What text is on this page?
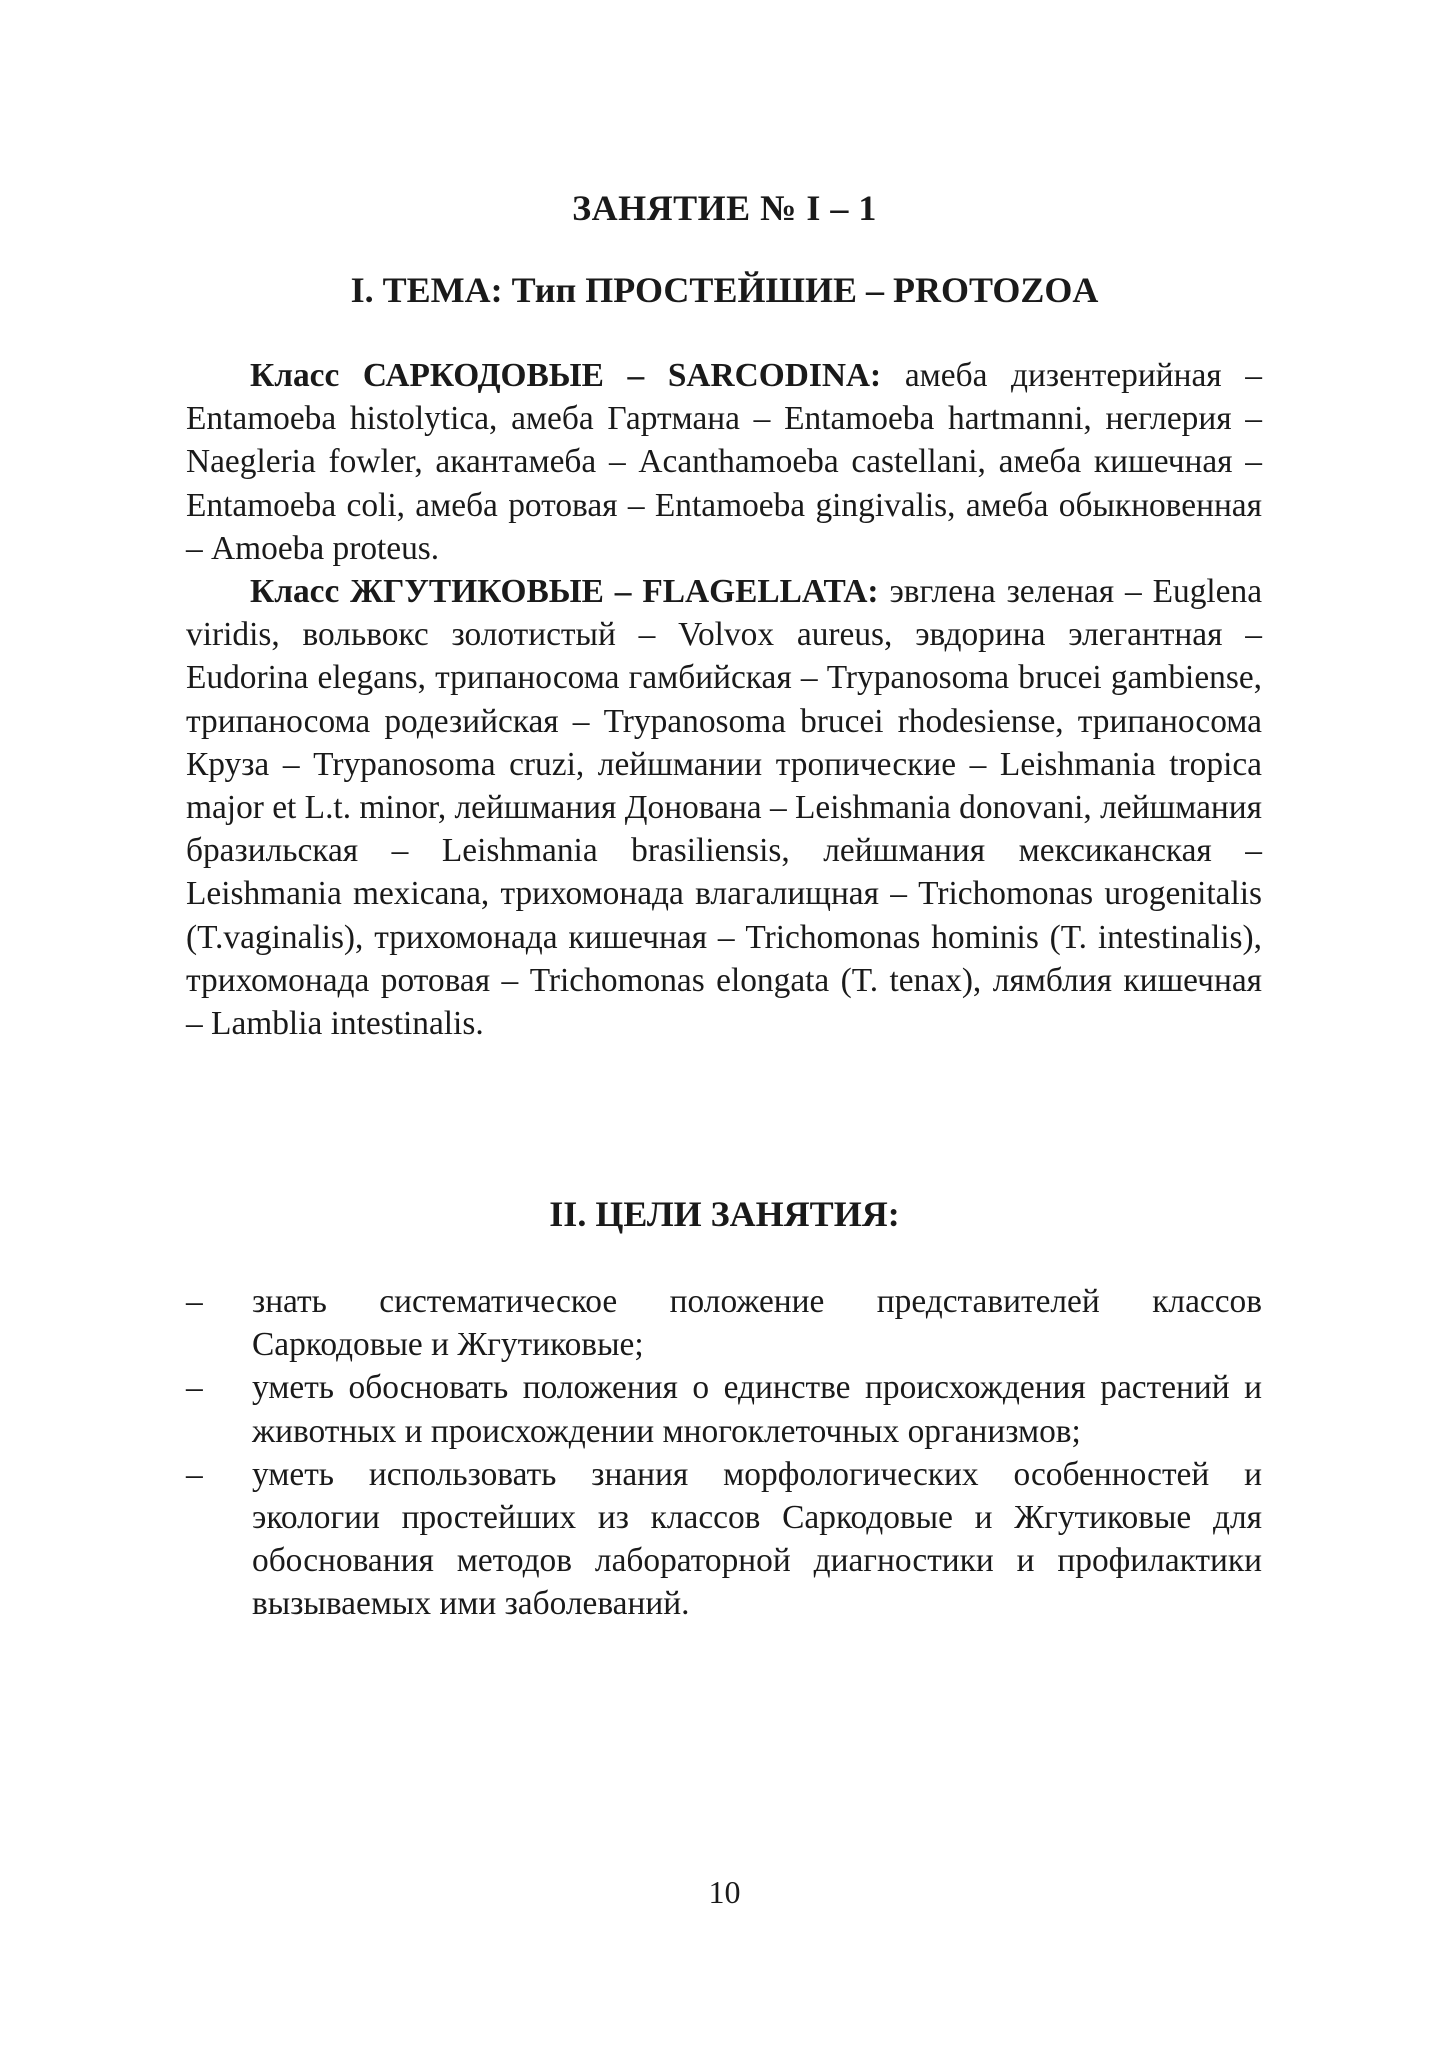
ЗАНЯТИЕ № I – 1
I. ТЕМА: Тип ПРОСТЕЙШИЕ – PROTOZOA

Класс САРКОДОВЫЕ – SARCODINA: амеба дизентерийная – Entamoeba histolytica, амеба Гартмана – Entamoeba hartmanni, неглерия – Naegleria fowler, акантамеба – Acanthamoeba castellani, амеба кишечная – Entamoeba coli, амеба ротовая – Entamoeba gingivalis, амеба обыкновенная – Amoeba proteus.

Класс ЖГУТИКОВЫЕ – FLAGELLATA: эвглена зеленая – Euglena viridis, вольвокс золотистый – Volvox aureus, эвдорина элегантная – Eudorina elegans, трипаносома гамбийская – Trypanosoma brucei gambiense, трипаносома родезийская – Trypanosoma brucei rhodesiense, трипаносома Круза – Trypanosoma cruzi, лейшмании тропические – Leishmania tropica major et L.t. minor, лейшмания Донована – Leishmania donovani, лейшмания бразильская – Leishmania brasiliensis, лейшмания мексиканская – Leishmania mexicana, трихомонада влагалищная – Trichomonas urogenitalis (T.vaginalis), трихомонада кишечная – Trichomonas hominis (T. intestinalis), трихомонада ротовая – Trichomonas elongata (T. tenax), лямблия кишечная – Lamblia intestinalis.

II. ЦЕЛИ ЗАНЯТИЯ:
– знать систематическое положение представителей классов Саркодовые и Жгутиковые;
– уметь обосновать положения о единстве происхождения растений и животных и происхождении многоклеточных организмов;
– уметь использовать знания морфологических особенностей и экологии простейших из классов Саркодовые и Жгутиковые для обоснования методов лабораторной диагностики и профилактики вызываемых ими заболеваний.
10
